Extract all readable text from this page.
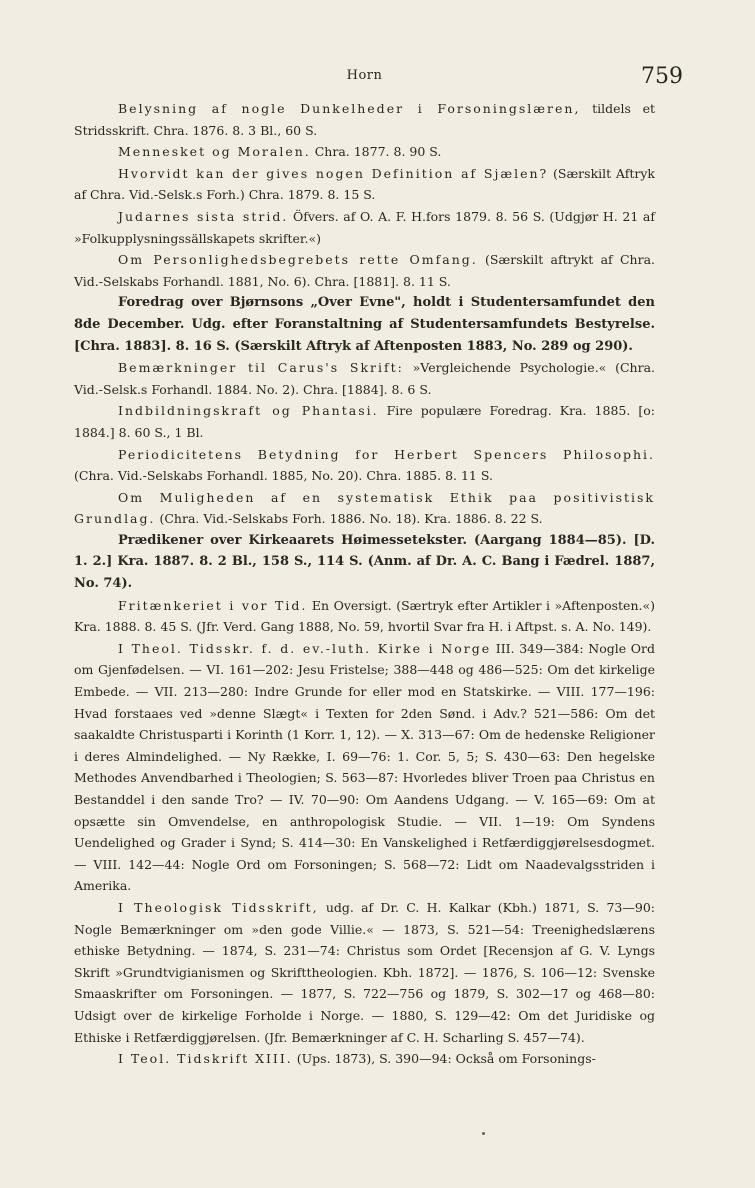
Horn	759

Belysning af nogle Dunkelheder i Forsoningslæren, tildels et Stridsskrift. Chra. 1876. 8. 3 Bl., 60 S.

Mennesket og Moralen. Chra. 1877. 8. 90 S.

Hvorvidt kan der gives nogen Definition af Sjælen? (Særskilt Aftryk af Chra. Vid.-Selsk.s Forh.) Chra. 1879. 8. 15 S.

Judarnes sista strid. Öfvers. af O. A. F. H.fors 1879. 8. 56 S. (Udgjør H. 21 af »Folkupplysningssällskapets skrifter.«)

Om Personlighedsbegrebets rette Omfang. (Særskilt aftrykt af Chra. Vid.-Selskabs Forhandl. 1881, No. 6). Chra. [1881]. 8. 11 S.

Foredrag over Bjørnsons „Over Evne", holdt i Studentersamfundet den 8de December. Udg. efter Foranstaltning af Studentersamfundets Bestyrelse. [Chra. 1883]. 8. 16 S. (Særskilt Aftryk af Aftenposten 1883, No. 289 og 290).

Bemærkninger til Carus's Skrift: »Vergleichende Psychologie.« (Chra. Vid.-Selsk.s Forhandl. 1884. No. 2). Chra. [1884]. 8. 6 S.

Indbildningskraft og Phantasi. Fire populære Foredrag. Kra. 1885. [o: 1884.] 8. 60 S., 1 Bl.

Periodicitetens Betydning for Herbert Spencers Philosophi. (Chra. Vid.-Selskabs Forhandl. 1885, No. 20). Chra. 1885. 8. 11 S.

Om Muligheden af en systematisk Ethik paa positivistisk Grundlag. (Chra. Vid.-Selskabs Forh. 1886. No. 18). Kra. 1886. 8. 22 S.

Prædikener over Kirkeaarets Høimessetekster. (Aargang 1884—85). [D. 1. 2.] Kra. 1887. 8. 2 Bl., 158 S., 114 S. (Anm. af Dr. A. C. Bang i Fædrel. 1887, No. 74).

Fritænkeriet i vor Tid. En Oversigt. (Særtryk efter Artikler i »Aftenposten.«) Kra. 1888. 8. 45 S. (Jfr. Verd. Gang 1888, No. 59, hvortil Svar fra H. i Aftpst. s. A. No. 149).

I Theol. Tidsskr. f. d. ev.-luth. Kirke i Norge III. 349—384: Nogle Ord om Gjenfødelsen. — VI. 161—202: Jesu Fristelse; 388—448 og 486—525: Om det kirkelige Embede. — VII. 213—280: Indre Grunde for eller mod en Statskirke. — VIII. 177—196: Hvad forstaaes ved »denne Slægt« i Texten for 2den Sønd. i Adv.? 521—586: Om det saakaldte Christusparti i Korinth (1 Korr. 1, 12). — X. 313—67: Om de hedenske Religioner i deres Almindelighed. — Ny Række, I. 69—76: 1. Cor. 5, 5; S. 430—63: Den hegelske Methodes Anvendbarhed i Theologien; S. 563—87: Hvorledes bliver Troen paa Christus en Bestanddel i den sande Tro? — IV. 70—90: Om Aandens Udgang. — V. 165—69: Om at opsætte sin Omvendelse, en anthropologisk Studie. — VII. 1—19: Om Syndens Uendelighed og Grader i Synd; S. 414—30: En Vanskelighed i Retfærdiggjørelsesdogmet. — VIII. 142—44: Nogle Ord om Forsoningen; S. 568—72: Lidt om Naadevalgsstriden i Amerika.

I Theologisk Tidsskrift, udg. af Dr. C. H. Kalkar (Kbh.) 1871, S. 73—90: Nogle Bemærkninger om »den gode Villie.« — 1873, S. 521—54: Treenighedslærens ethiske Betydning. — 1874, S. 231—74: Christus som Ordet [Recensjon af G. V. Lyngs Skrift »Grundtvigianismen og Skrifttheologien. Kbh. 1872]. — 1876, S. 106—12: Svenske Smaaskrifter om Forsoningen. — 1877, S. 722—756 og 1879, S. 302—17 og 468—80: Udsigt over de kirkelige Forholde i Norge. — 1880, S. 129—42: Om det Juridiske og Ethiske i Retfærdiggjørelsen. (Jfr. Bemærkninger af C. H. Scharling S. 457—74).

I Teol. Tidskrift XIII. (Ups. 1873), S. 390—94: Också om Forsonings-
